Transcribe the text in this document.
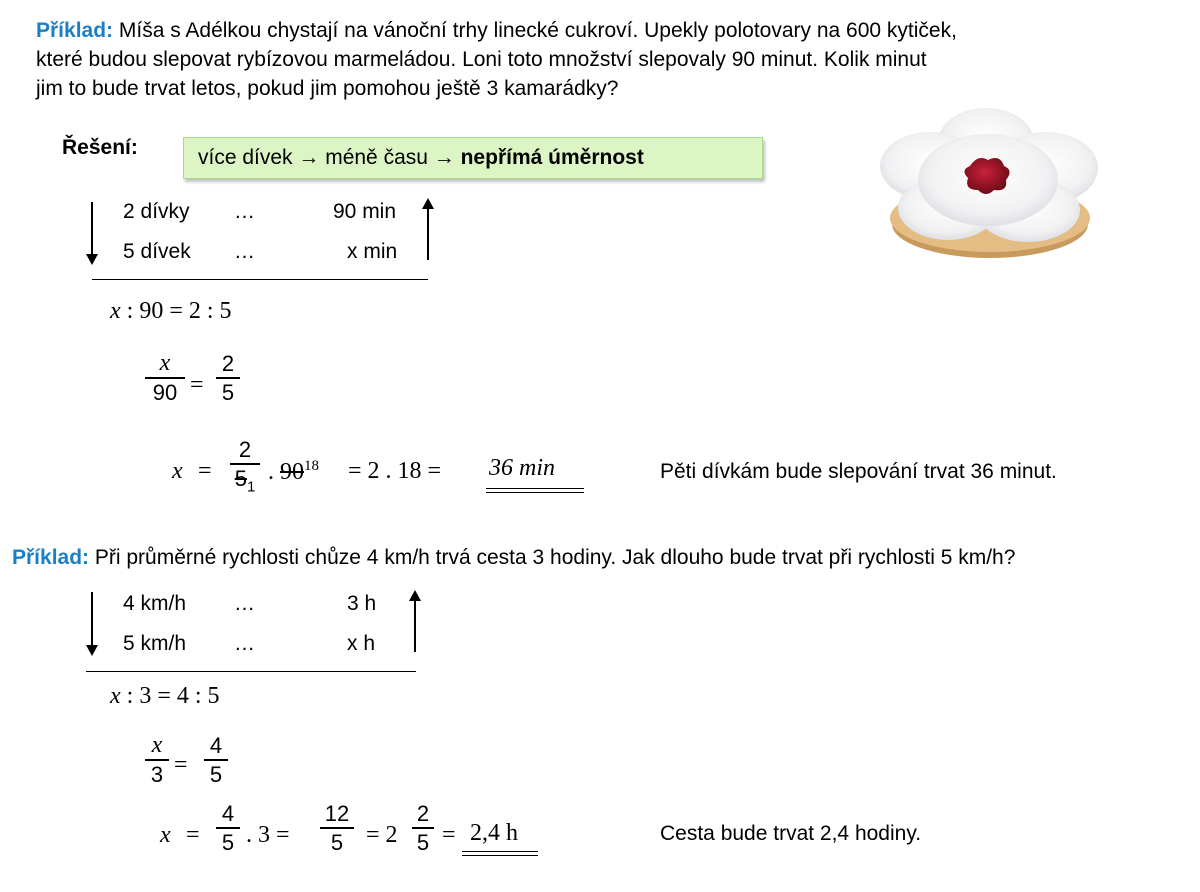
Příklad: Míša s Adélkou chystají na vánoční trhy linecké cukroví. Upekly polotovary na 600 kytiček,
které budou slepovat rybízovou marmeládou. Loni toto množství slepovaly 90 minut. Kolik minut
jim to bude trvat letos, pokud jim pomohou ještě 3 kamarádky?
Řešení:	více dívek → méně času → nepřímá úměrnost
2 dívky …	90 min
5 dívek …	x min
x : 90 = 2 : 5
x
90 =
2
5
x =
2
$5_1$
. $90^{18} = 2$ . 18 = 36 min	Pěti dívkám bude slepování trvat 36 minut.
Příklad: Při průměrné rychlosti chůze 4 km/h trvá cesta 3 hodiny. Jak dlouho bude trvat při rychlosti 5 km/h?
4 km/h …	3 h
5 km/h …	x h
x : 3 = 4 : 5
x
3 =
4
5
x =
4
5 . 3 =
12
5 = 2
2
5 = 2,4 h	Cesta bude trvat 2,4 hodiny.
